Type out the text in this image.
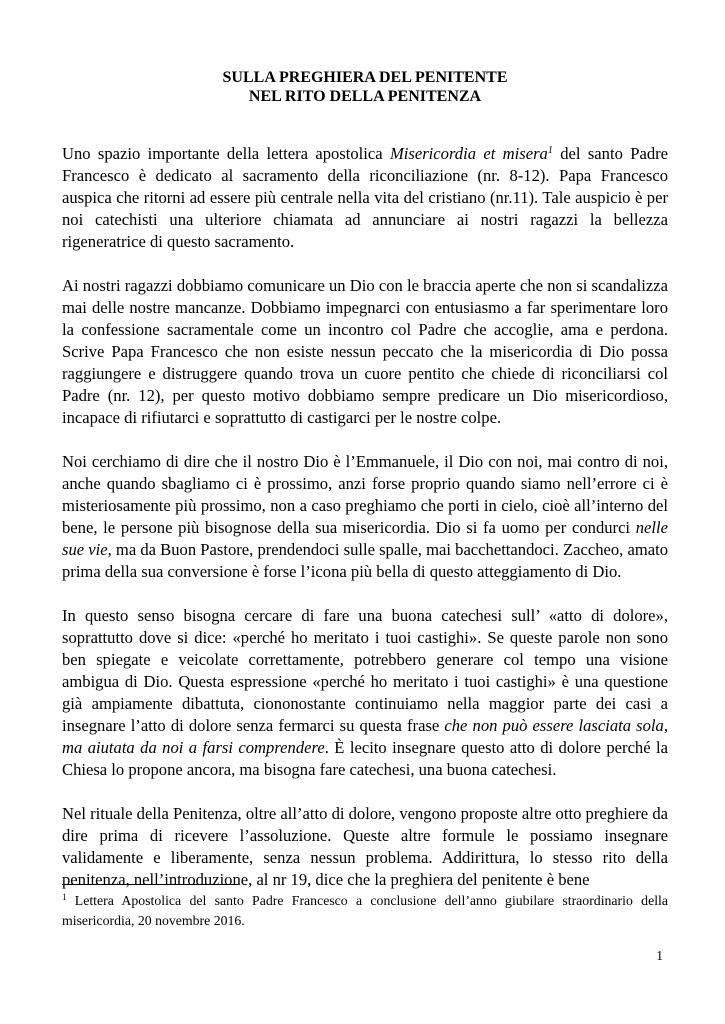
SULLA PREGHIERA DEL PENITENTE
NEL RITO DELLA PENITENZA

Uno spazio importante della lettera apostolica Misericordia et misera$^1$ del santo Padre Francesco è dedicato al sacramento della riconciliazione (nr. 8-12). Papa Francesco auspica che ritorni ad essere più centrale nella vita del cristiano (nr.11). Tale auspicio è per noi catechisti una ulteriore chiamata ad annunciare ai nostri ragazzi la bellezza rigeneratrice di questo sacramento.

Ai nostri ragazzi dobbiamo comunicare un Dio con le braccia aperte che non si scandalizza mai delle nostre mancanze. Dobbiamo impegnarci con entusiasmo a far sperimentare loro la confessione sacramentale come un incontro col Padre che accoglie, ama e perdona. Scrive Papa Francesco che non esiste nessun peccato che la misericordia di Dio possa raggiungere e distruggere quando trova un cuore pentito che chiede di riconciliarsi col Padre (nr. 12), per questo motivo dobbiamo sempre predicare un Dio misericordioso, incapace di rifiutarci e soprattutto di castigarci per le nostre colpe.

Noi cerchiamo di dire che il nostro Dio è l’Emmanuele, il Dio con noi, mai contro di noi, anche quando sbagliamo ci è prossimo, anzi forse proprio quando siamo nell’errore ci è misteriosamente più prossimo, non a caso preghiamo che porti in cielo, cioè all’interno del bene, le persone più bisognose della sua misericordia. Dio si fa uomo per condurci nelle sue vie, ma da Buon Pastore, prendendoci sulle spalle, mai bacchettandoci. Zaccheo, amato prima della sua conversione è forse l’icona più bella di questo atteggiamento di Dio.

In questo senso bisogna cercare di fare una buona catechesi sull’ «atto di dolore», soprattutto dove si dice: «perché ho meritato i tuoi castighi». Se queste parole non sono ben spiegate e veicolate correttamente, potrebbero generare col tempo una visione ambigua di Dio. Questa espressione «perché ho meritato i tuoi castighi» è una questione già ampiamente dibattuta, ciononostante continuiamo nella maggior parte dei casi a insegnare l’atto di dolore senza fermarci su questa frase che non può essere lasciata sola, ma aiutata da noi a farsi comprendere. È lecito insegnare questo atto di dolore perché la Chiesa lo propone ancora, ma bisogna fare catechesi, una buona catechesi.

Nel rituale della Penitenza, oltre all’atto di dolore, vengono proposte altre otto preghiere da dire prima di ricevere l’assoluzione. Queste altre formule le possiamo insegnare validamente e liberamente, senza nessun problema. Addirittura, lo stesso rito della penitenza, nell’introduzione, al nr 19, dice che la preghiera del penitente è bene

$^1$ Lettera Apostolica del santo Padre Francesco a conclusione dell’anno giubilare straordinario della misericordia, 20 novembre 2016.

1
